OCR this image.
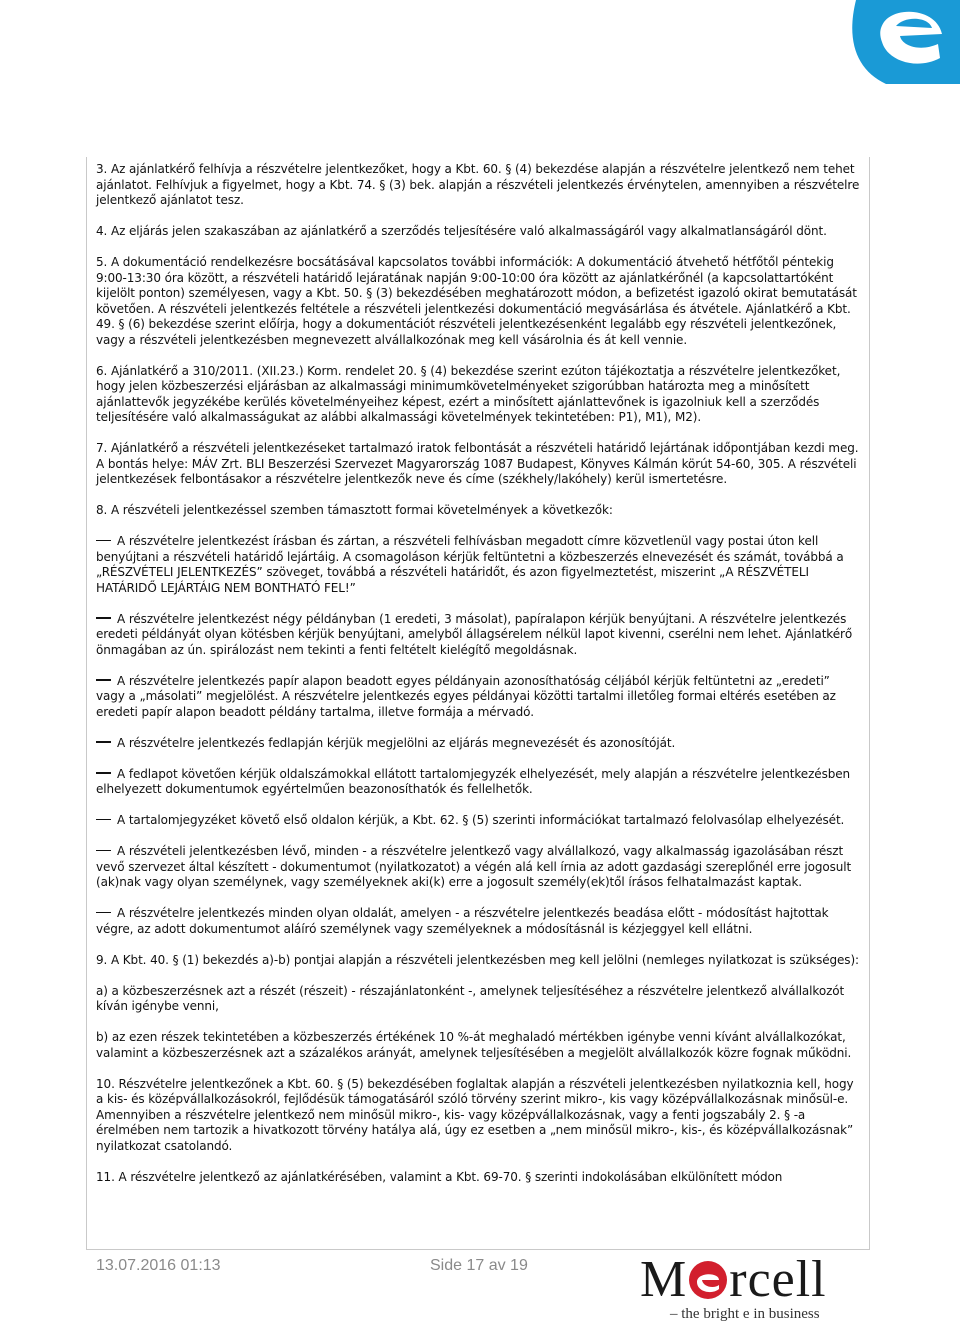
3. Az ajánlatkérő felhívja a részvételre jelentkezőket, hogy a Kbt. 60. § (4) bekezdése alapján a részvételre jelentkező nem tehet ajánlatot. Felhívjuk a figyelmet, hogy a Kbt. 74. § (3) bek. alapján a részvételi jelentkezés érvénytelen, amennyiben a részvételre jelentkező ajánlatot tesz.

4. Az eljárás jelen szakaszában az ajánlatkérő a szerződés teljesítésére való alkalmasságáról vagy alkalmatlanságáról dönt.

5. A dokumentáció rendelkezésre bocsátásával kapcsolatos további információk: A dokumentáció átvehető hétfőtől péntekig 9:00-13:30 óra között, a részvételi határidő lejáratának napján 9:00-10:00 óra között az ajánlatkérőnél (a kapcsolattartóként kijelölt ponton) személyesen, vagy a Kbt. 50. § (3) bekezdésében meghatározott módon, a befizetést igazoló okirat bemutatását követően. A részvételi jelentkezés feltétele a részvételi jelentkezési dokumentáció megvásárlása és átvétele. Ajánlatkérő a Kbt. 49. § (6) bekezdése szerint előírja, hogy a dokumentációt részvételi jelentkezésenként legalább egy részvételi jelentkezőnek, vagy a részvételi jelentkezésben megnevezett alvállalkozónak meg kell vásárolnia és át kell vennie.

6. Ajánlatkérő a 310/2011. (XII.23.) Korm. rendelet 20. § (4) bekezdése szerint ezúton tájékoztatja a részvételre jelentkezőket, hogy jelen közbeszerzési eljárásban az alkalmassági minimumkövetelményeket szigorúbban határozta meg a minősített ajánlattevők jegyzékébe kerülés követelményeihez képest, ezért a minősített ajánlattevőnek is igazolniuk kell a szerződés teljesítésére való alkalmasságukat az alábbi alkalmassági követelmények tekintetében: P1), M1), M2).

7. Ajánlatkérő a részvételi jelentkezéseket tartalmazó iratok felbontását a részvételi határidő lejártának időpontjában kezdi meg. A bontás helye: MÁV Zrt. BLI Beszerzési Szervezet Magyarország 1087 Budapest, Könyves Kálmán körút 54-60, 305. A részvételi jelentkezések felbontásakor a részvételre jelentkezők neve és címe (székhely/lakóhely) kerül ismertetésre.

8. A részvételi jelentkezéssel szemben támasztott formai követelmények a következők:

A részvételre jelentkezést írásban és zártan, a részvételi felhívásban megadott címre közvetlenül vagy postai úton kell benyújtani a részvételi határidő lejártáig. A csomagoláson kérjük feltüntetni a közbeszerzés elnevezését és számát, továbbá a „RÉSZVÉTELI JELENTKEZÉS” szöveget, továbbá a részvételi határidőt, és azon figyelmeztetést, miszerint „A RÉSZVÉTELI HATÁRIDŐ LEJÁRTÁIG NEM BONTHATÓ FEL!”

A részvételre jelentkezést négy példányban (1 eredeti, 3 másolat), papíralapon kérjük benyújtani. A részvételre jelentkezés eredeti példányát olyan kötésben kérjük benyújtani, amelyből állagsérelem nélkül lapot kivenni, cserélni nem lehet. Ajánlatkérő önmagában az ún. spirálozást nem tekinti a fenti feltételt kielégítő megoldásnak.

A részvételre jelentkezés papír alapon beadott egyes példányain azonosíthatóság céljából kérjük feltüntetni az „eredeti” vagy a „másolati” megjelölést. A részvételre jelentkezés egyes példányai közötti tartalmi illetőleg formai eltérés esetében az eredeti papír alapon beadott példány tartalma, illetve formája a mérvadó.

A részvételre jelentkezés fedlapján kérjük megjelölni az eljárás megnevezését és azonosítóját.

A fedlapot követően kérjük oldalszámokkal ellátott tartalomjegyzék elhelyezését, mely alapján a részvételre jelentkezésben elhelyezett dokumentumok egyértelműen beazonosíthatók és fellelhetők.

A tartalomjegyzéket követő első oldalon kérjük, a Kbt. 62. § (5) szerinti információkat tartalmazó felolvasólap elhelyezését.

A részvételi jelentkezésben lévő, minden - a részvételre jelentkező vagy alvállalkozó, vagy alkalmasság igazolásában részt vevő szervezet által készített - dokumentumot (nyilatkozatot) a végén alá kell írnia az adott gazdasági szereplőnél erre jogosult (ak)nak vagy olyan személynek, vagy személyeknek aki(k) erre a jogosult személy(ek)től írásos felhatalmazást kaptak.

A részvételre jelentkezés minden olyan oldalát, amelyen - a részvételre jelentkezés beadása előtt - módosítást hajtottak végre, az adott dokumentumot aláíró személynek vagy személyeknek a módosításnál is kézjeggyel kell ellátni.

9. A Kbt. 40. § (1) bekezdés a)-b) pontjai alapján a részvételi jelentkezésben meg kell jelölni (nemleges nyilatkozat is szükséges):

a) a közbeszerzésnek azt a részét (részeit) - részajánlatonként -, amelynek teljesítéséhez a részvételre jelentkező alvállalkozót kíván igénybe venni,

b) az ezen részek tekintetében a közbeszerzés értékének 10 %-át meghaladó mértékben igénybe venni kívánt alvállalkozókat, valamint a közbeszerzésnek azt a százalékos arányát, amelynek teljesítésében a megjelölt alvállalkozók közre fognak működni.

10. Részvételre jelentkezőnek a Kbt. 60. § (5) bekezdésében foglaltak alapján a részvételi jelentkezésben nyilatkoznia kell, hogy a kis- és középvállalkozásokról, fejlődésük támogatásáról szóló törvény szerint mikro-, kis vagy középvállalkozásnak minősül-e. Amennyiben a részvételre jelentkező nem minősül mikro-, kis- vagy középvállalkozásnak, vagy a fenti jogszabály 2. § -a érelmében nem tartozik a hivatkozott törvény hatálya alá, úgy ez esetben a „nem minősül mikro-, kis-, és középvállalkozásnak” nyilatkozat csatolandó.

11. A részvételre jelentkező az ajánlatkérésében, valamint a Kbt. 69-70. § szerinti indokolásában elkülönített módon

13.07.2016 01:13	Side 17 av 19 M rcell
– the bright e in business
